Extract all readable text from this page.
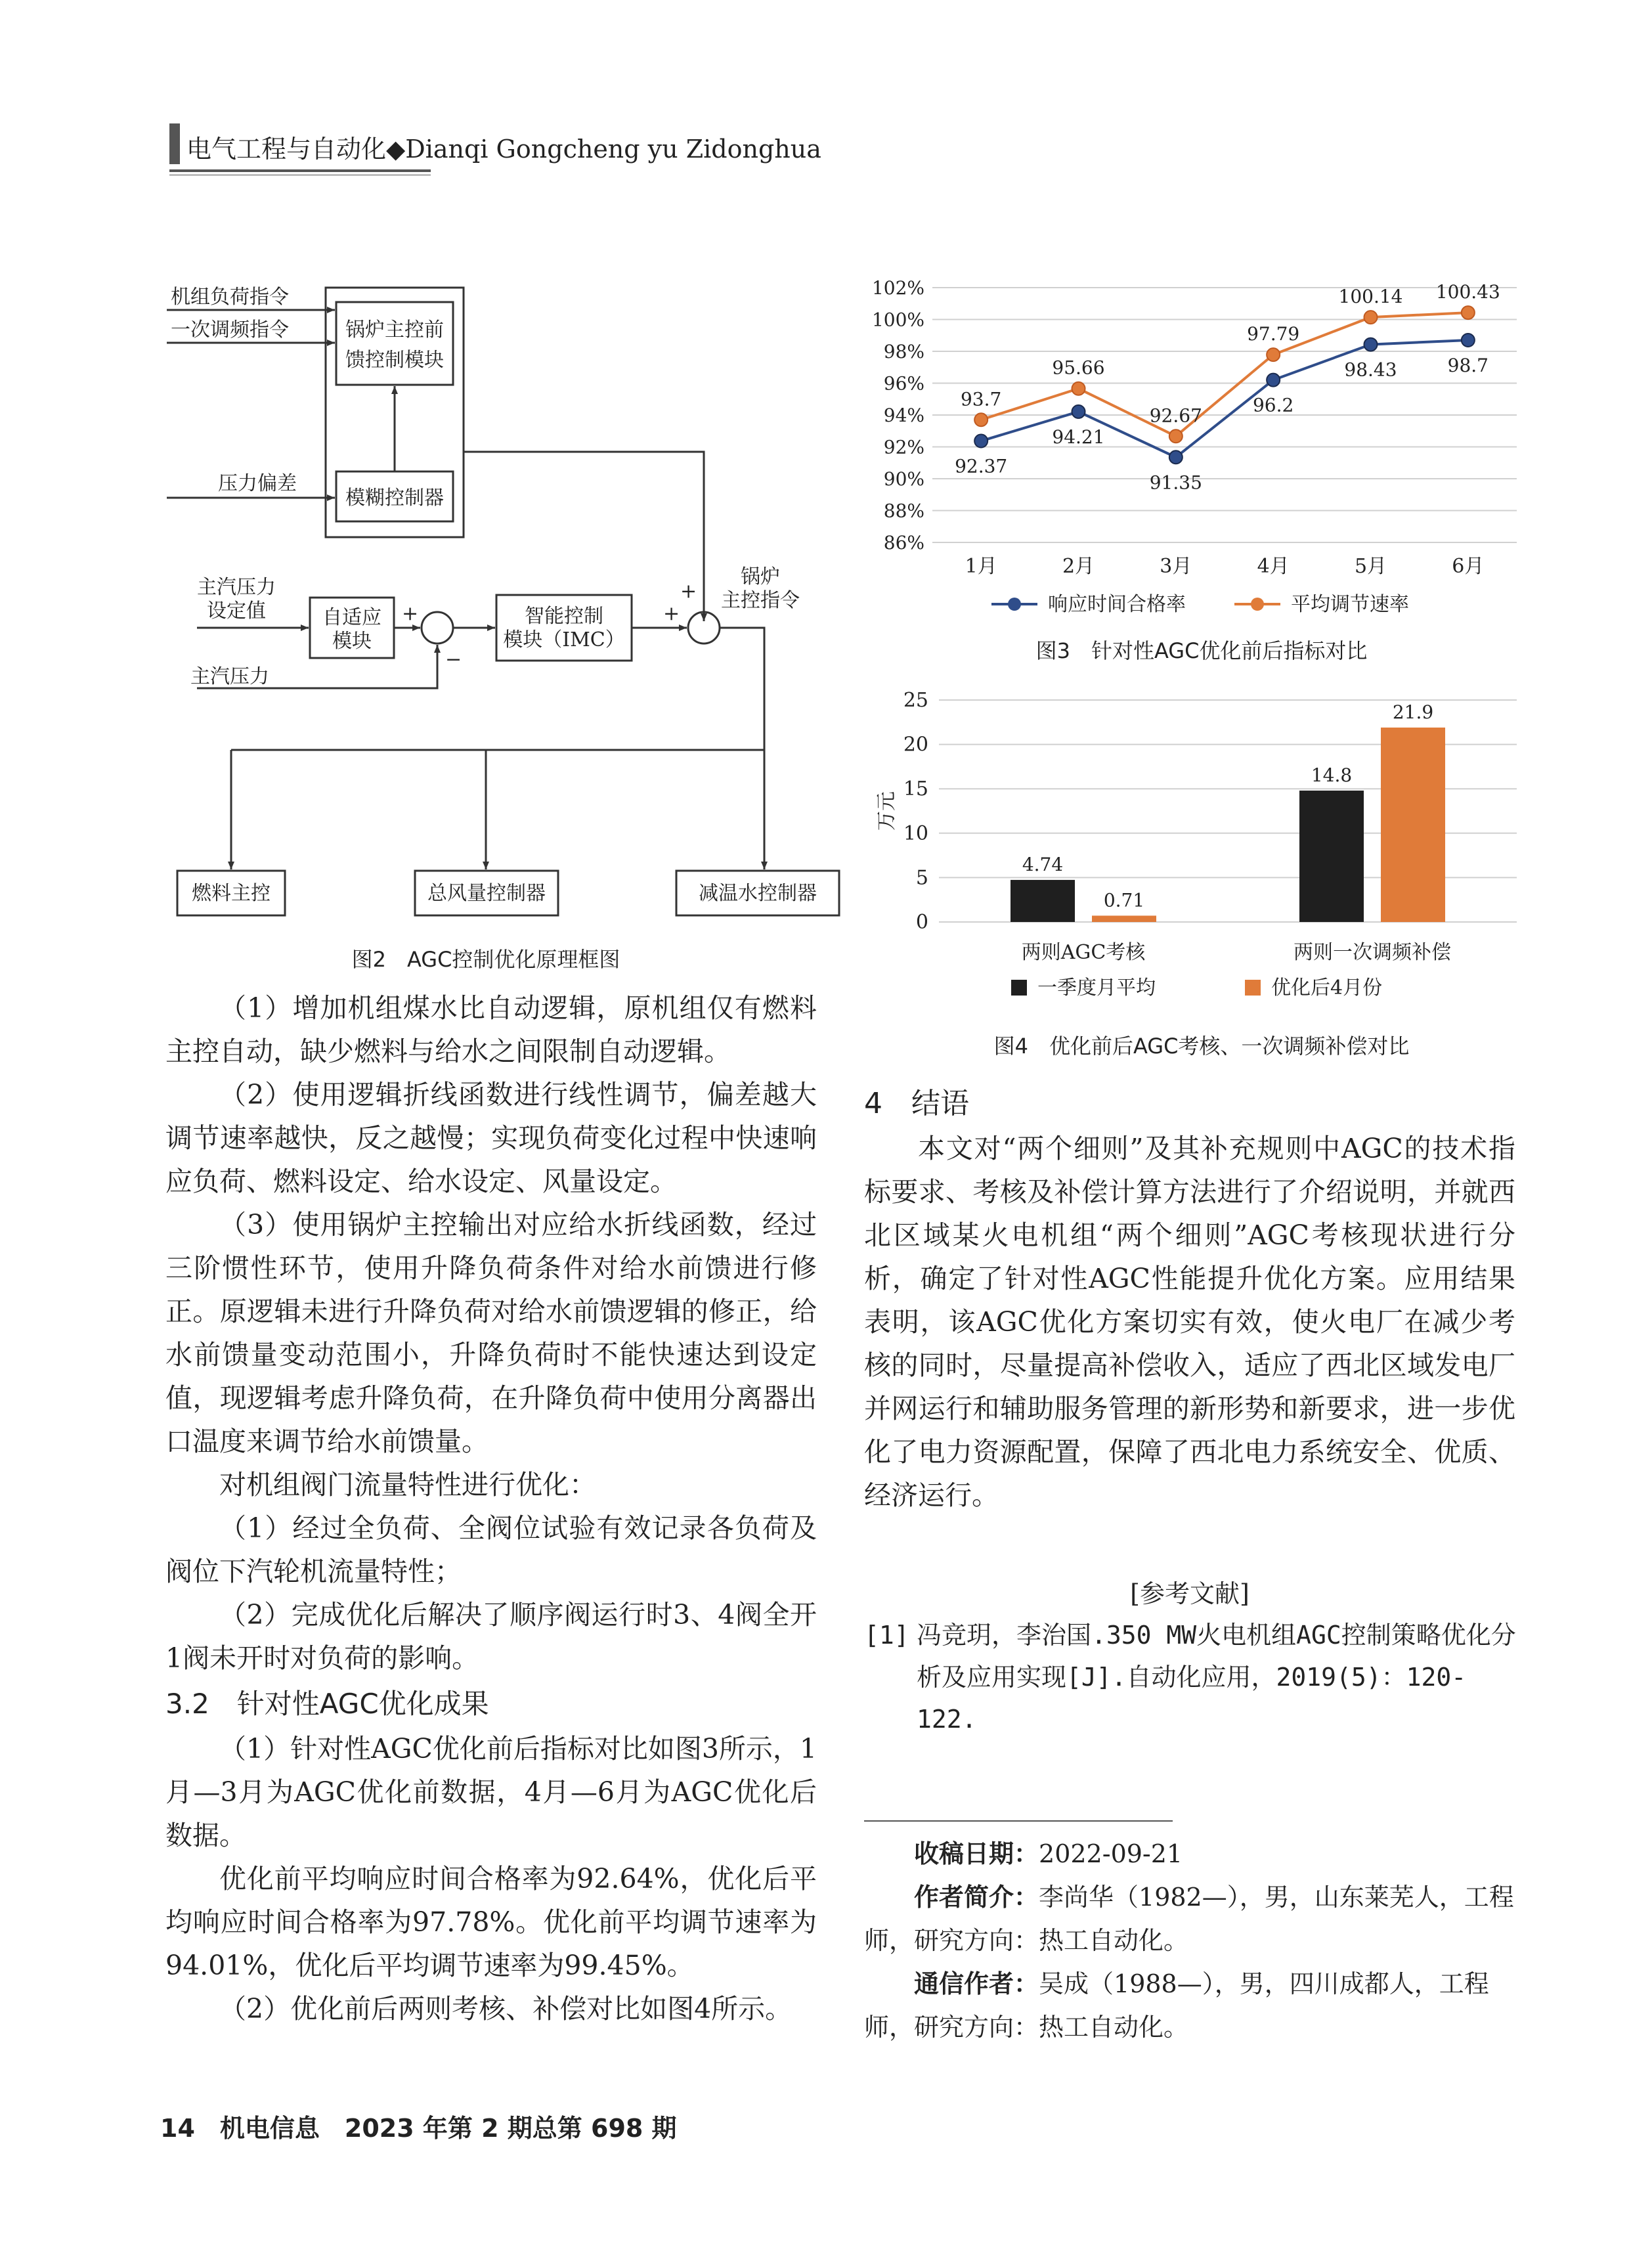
电气工程与自动化◆Dianqi Gongcheng yu Zidonghua
机组负荷指令
一次调频指令
压力偏差
锅炉主控前
馈控制模块
模糊控制器
主汽压力
设定值	自适应
模块
+
−
主汽压力
智能控制
模块（IMC）
+
+
锅炉
主控指令
燃料主控	总风量控制器	减温水控制器
图2　AGC控制优化原理框图

（1）增加机组煤水比自动逻辑，原机组仅有燃料主控自动，缺少燃料与给水之间限制自动逻辑。

（2）使用逻辑折线函数进行线性调节，偏差越大调节速率越快，反之越慢；实现负荷变化过程中快速响应负荷、燃料设定、给水设定、风量设定。

（3）使用锅炉主控输出对应给水折线函数，经过三阶惯性环节，使用升降负荷条件对给水前馈进行修正。原逻辑未进行升降负荷对给水前馈逻辑的修正，给水前馈量变动范围小，升降负荷时不能快速达到设定值，现逻辑考虑升降负荷，在升降负荷中使用分离器出口温度来调节给水前馈量。

对机组阀门流量特性进行优化：

（1）经过全负荷、全阀位试验有效记录各负荷及阀位下汽轮机流量特性；

（2）完成优化后解决了顺序阀运行时3、4阀全开1阀未开时对负荷的影响。

3.2　针对性AGC优化成果

（1）针对性AGC优化前后指标对比如图3所示，1月—3月为AGC优化前数据，4月—6月为AGC优化后数据。

优化前平均响应时间合格率为92.64%，优化后平均响应时间合格率为97.78%。优化前平均调节速率为94.01%，优化后平均调节速率为99.45%。

（2）优化前后两则考核、补偿对比如图4所示。

86%
88%
90%
92%
94%
96%
98%
100%
102%
1月	2月	3月	4月	5月	6月
92.37
94.21
91.35
96.2
98.43	98.7
93.7
95.66
92.67
97.79
100.14 100.43
响应时间合格率	平均调节速率
图3　针对性AGC优化前后指标对比
0
5
10
15
20
25
万元
4.74
0.71
两则AGC考核
14.8
21.9
两则一次调频补偿
一季度月平均	优化后4月份
图4　优化前后AGC考核、一次调频补偿对比
4　结语

本文对“两个细则”及其补充规则中AGC的技术指标要求、考核及补偿计算方法进行了介绍说明，并就西北区域某火电机组“两个细则”AGC考核现状进行分析，确定了针对性AGC性能提升优化方案。应用结果表明，该AGC优化方案切实有效，使火电厂在减少考核的同时，尽量提高补偿收入，适应了西北区域发电厂并网运行和辅助服务管理的新形势和新要求，进一步优化了电力资源配置，保障了西北电力系统安全、优质、经济运行。

[参考文献]
[1] 冯竞玥，李治国.350 MW火电机组AGC控制策略优化分析及应用实现[J].自动化应用，2019(5)：120-122.
收稿日期：2022-09-21
作者简介：李尚华（1982—），男，山东莱芜人，工程师，研究方向：热工自动化。
通信作者：吴成（1988—），男，四川成都人，工程师，研究方向：热工自动化。
14　机电信息　2023 年第 2 期总第 698 期
